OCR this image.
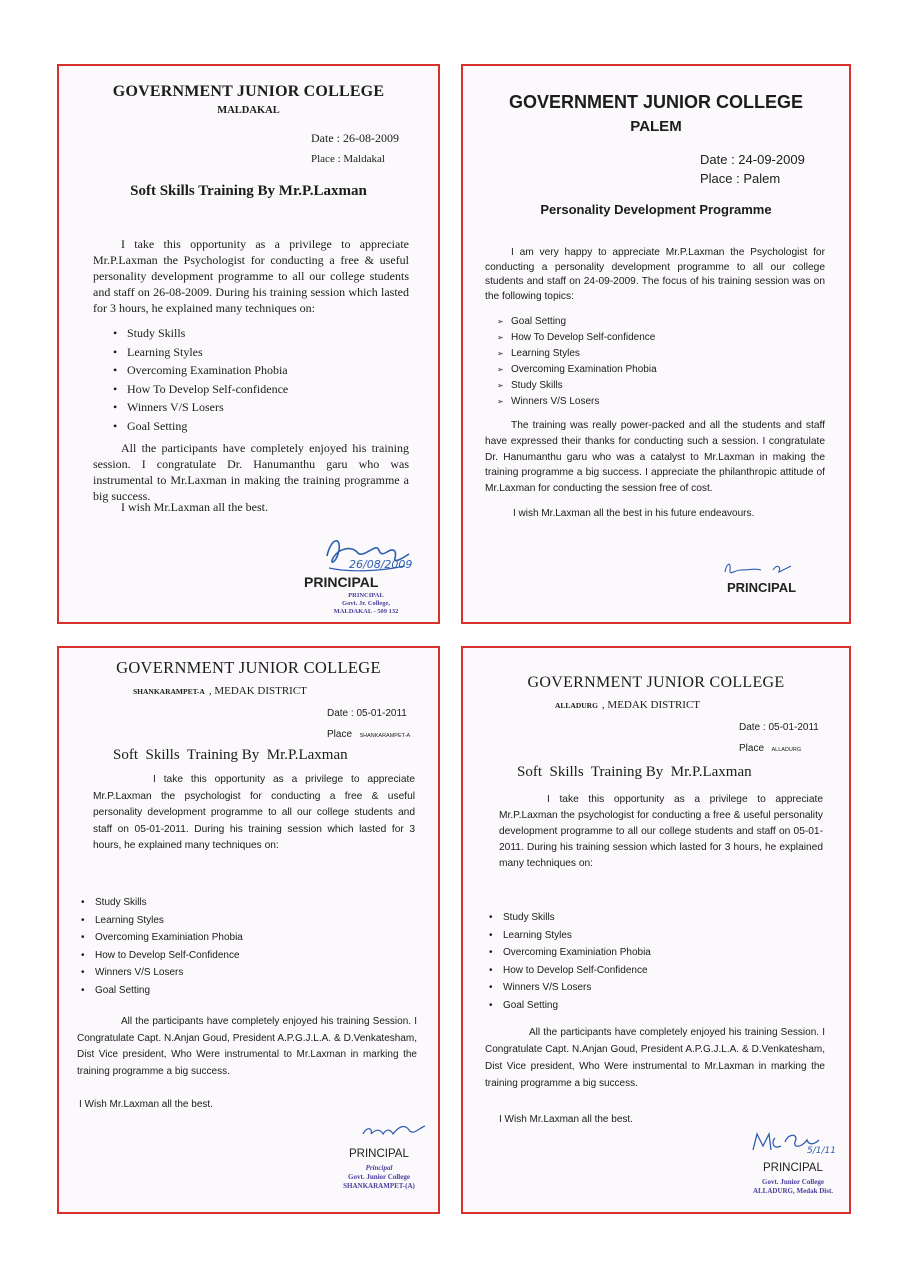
GOVERNMENT JUNIOR COLLEGE
MALDAKAL
Date : 26-08-2009
Place : Maldakal
Soft Skills Training By Mr.P.Laxman

I take this opportunity as a privilege to appreciate Mr.P.Laxman the Psychologist for conducting a free & useful personality development programme to all our college students and staff on 26-08-2009. During his training session which lasted for 3 hours, he explained many techniques on:

• Study Skills
• Learning Styles
• Overcoming Examination Phobia
• How To Develop Self-confidence
• Winners V/S Losers
• Goal Setting

All the participants have completely enjoyed his training session. I congratulate Dr. Hanumanthu garu who was instrumental to Mr.Laxman in making the training programme a big success.

I wish Mr.Laxman all the best.

26/08/2009
PRINCIPAL
PRINCIPAL
Govt. Jr. College,
MALDAKAL - 509 132
GOVERNMENT JUNIOR COLLEGE
PALEM
Date : 24-09-2009
Place : Palem
Personality Development Programme

I am very happy to appreciate Mr.P.Laxman the Psychologist for conducting a personality development programme to all our college students and staff on 24-09-2009. The focus of his training session was on the following topics:

➢ Goal Setting
➢ How To Develop Self-confidence
➢ Learning Styles
➢ Overcoming Examination Phobia
➢ Study Skills
➢ Winners V/S Losers

The training was really power-packed and all the students and staff have expressed their thanks for conducting such a session. I congratulate Dr. Hanumanthu garu who was a catalyst to Mr.Laxman in making the training programme a big success. I appreciate the philanthropic attitude of Mr.Laxman for conducting the session free of cost.

I wish Mr.Laxman all the best in his future endeavours.

PRINCIPAL
GOVERNMENT JUNIOR COLLEGE
SHANKARAMPET-A , MEDAK DISTRICT
Date : 05-01-2011
Place SHANKARAMPET-A
Soft  Skills  Training By  Mr.P.Laxman

I take this opportunity as a privilege to appreciate Mr.P.Laxman the psychologist for conducting a free & useful personality development programme to all our college students and staff on 05-01-2011. During his training session which lasted for 3 hours, he explained many techniques on:

• Study Skills
• Learning Styles
• Overcoming Examiniation Phobia
• How to Develop Self-Confidence
• Winners V/S Losers
• Goal Setting

All the participants have completely enjoyed his training Session. I Congratulate Capt. N.Anjan Goud, President A.P.G.J.L.A. & D.Venkatesham, Dist Vice president, Who Were instrumental to Mr.Laxman in marking the training programme a big success.

I Wish Mr.Laxman all the best.

PRINCIPAL
Principal
Govt. Junior College
SHANKARAMPET-(A)
GOVERNMENT JUNIOR COLLEGE
ALLADURG , MEDAK DISTRICT
Date : 05-01-2011
Place ALLADURG
Soft  Skills  Training By  Mr.P.Laxman

I take this opportunity as a privilege to appreciate Mr.P.Laxman the psychologist for conducting a free & useful personality development programme to all our college students and staff on 05-01-2011. During his training session which lasted for 3 hours, he explained many techniques on:

• Study Skills
• Learning Styles
• Overcoming Examiniation Phobia
• How to Develop Self-Confidence
• Winners V/S Losers
• Goal Setting

All the participants have completely enjoyed his training Session. I Congratulate Capt. N.Anjan Goud, President A.P.G.J.L.A. & D.Venkatesham, Dist Vice president, Who Were instrumental to Mr.Laxman in marking the training programme a big success.

I Wish Mr.Laxman all the best.

5/1/11
PRINCIPAL
Govt. Junior College
ALLADURG, Medak Dist.
